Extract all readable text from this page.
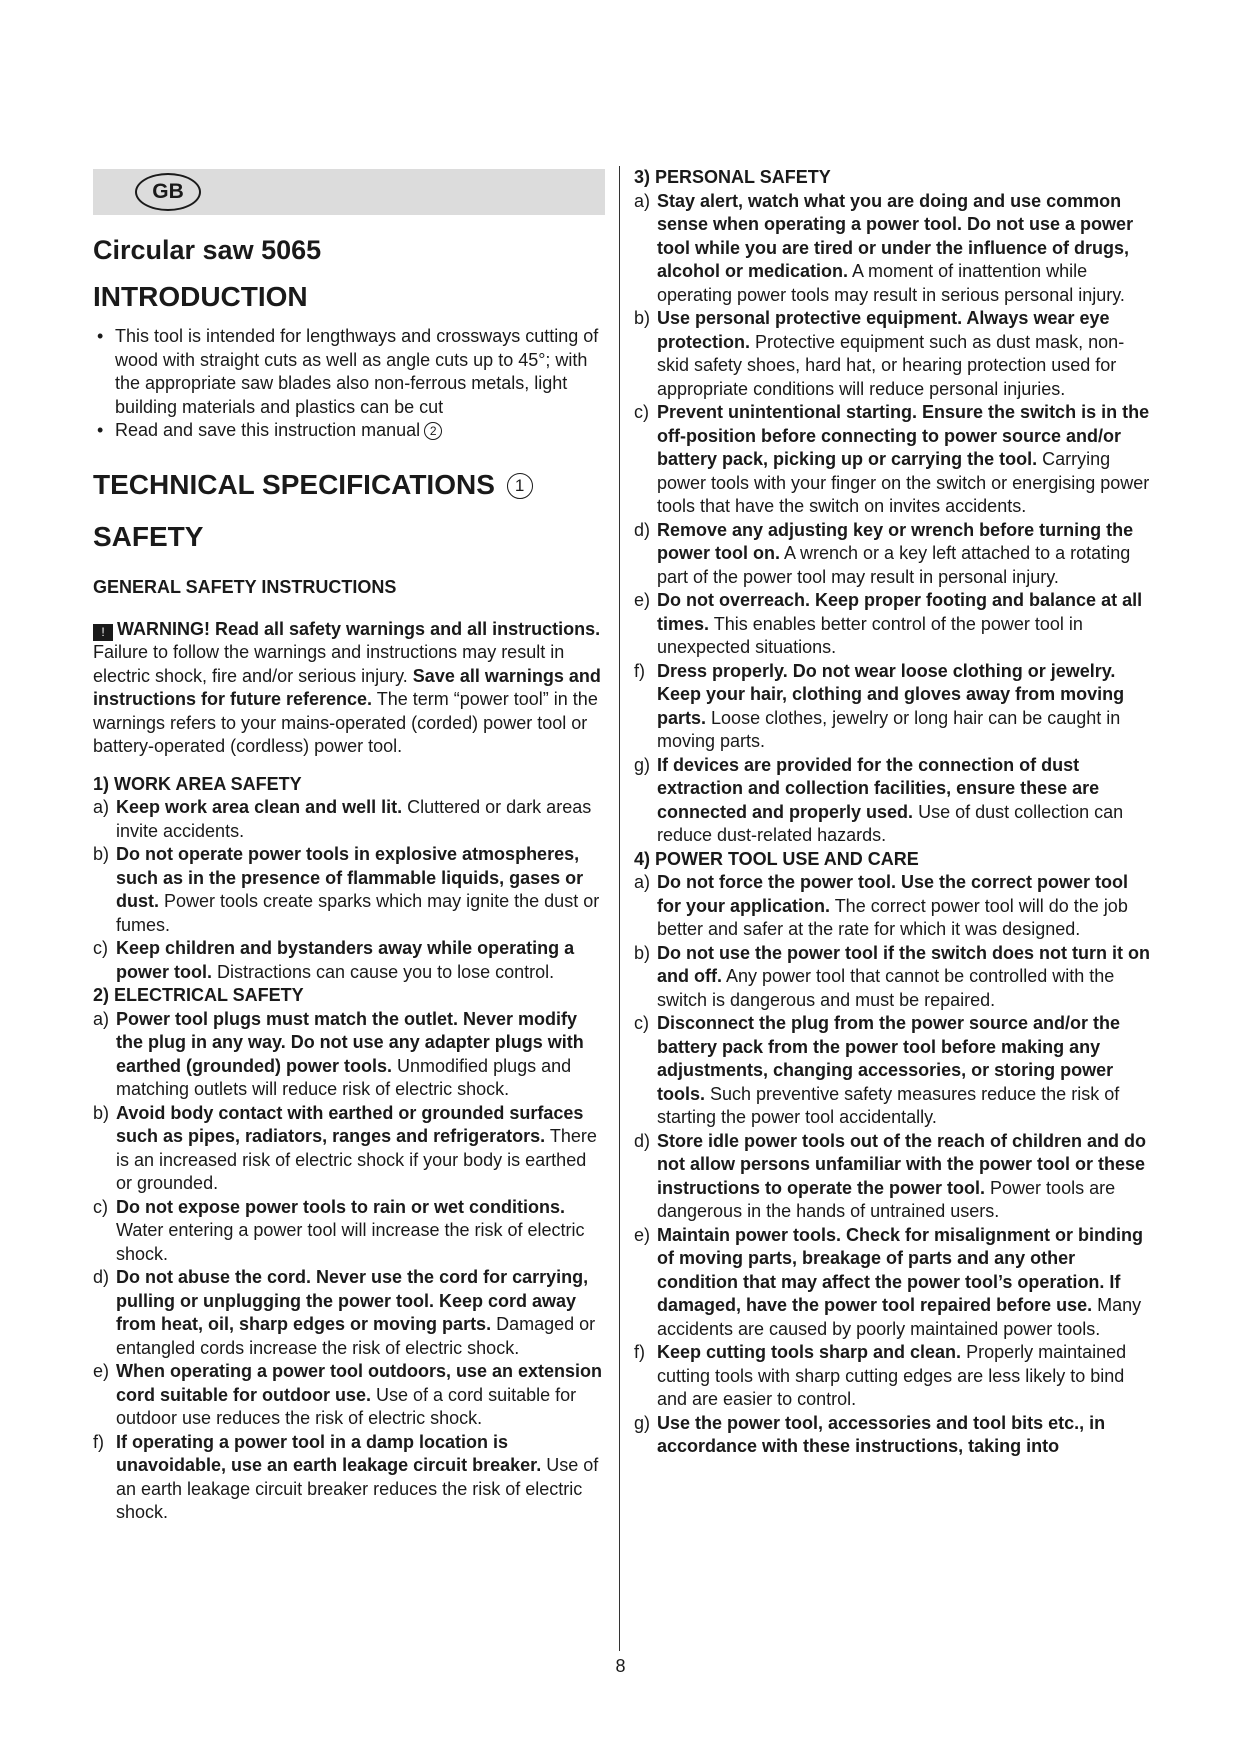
GB
Circular saw 5065
INTRODUCTION
• This tool is intended for lengthways and crossways cutting of wood with straight cuts as well as angle cuts up to 45°; with the appropriate saw blades also non-ferrous metals, light building materials and plastics can be cut
• Read and save this instruction manual 2
TECHNICAL SPECIFICATIONS 1
SAFETY
GENERAL SAFETY INSTRUCTIONS
! WARNING! Read all safety warnings and all instructions. Failure to follow the warnings and instructions may result in electric shock, fire and/or serious injury. Save all warnings and instructions for future reference. The term “power tool” in the warnings refers to your mains-operated (corded) power tool or battery-operated (cordless) power tool.
1) WORK AREA SAFETY
a) Keep work area clean and well lit. Cluttered or dark areas invite accidents.
b) Do not operate power tools in explosive atmospheres, such as in the presence of flammable liquids, gases or dust. Power tools create sparks which may ignite the dust or fumes.
c) Keep children and bystanders away while operating a power tool. Distractions can cause you to lose control.
2) ELECTRICAL SAFETY
a) Power tool plugs must match the outlet. Never modify the plug in any way. Do not use any adapter plugs with earthed (grounded) power tools. Unmodified plugs and matching outlets will reduce risk of electric shock.
b) Avoid body contact with earthed or grounded surfaces such as pipes, radiators, ranges and refrigerators. There is an increased risk of electric shock if your body is earthed or grounded.
c) Do not expose power tools to rain or wet conditions. Water entering a power tool will increase the risk of electric shock.
d) Do not abuse the cord. Never use the cord for carrying, pulling or unplugging the power tool. Keep cord away from heat, oil, sharp edges or moving parts. Damaged or entangled cords increase the risk of electric shock.
e) When operating a power tool outdoors, use an extension cord suitable for outdoor use. Use of a cord suitable for outdoor use reduces the risk of electric shock.
f) If operating a power tool in a damp location is unavoidable, use an earth leakage circuit breaker. Use of an earth leakage circuit breaker reduces the risk of electric shock.
3) PERSONAL SAFETY
a) Stay alert, watch what you are doing and use common sense when operating a power tool. Do not use a power tool while you are tired or under the influence of drugs, alcohol or medication. A moment of inattention while operating power tools may result in serious personal injury.
b) Use personal protective equipment. Always wear eye protection. Protective equipment such as dust mask, non-skid safety shoes, hard hat, or hearing protection used for appropriate conditions will reduce personal injuries.
c) Prevent unintentional starting. Ensure the switch is in the off-position before connecting to power source and/or battery pack, picking up or carrying the tool. Carrying power tools with your finger on the switch or energising power tools that have the switch on invites accidents.
d) Remove any adjusting key or wrench before turning the power tool on. A wrench or a key left attached to a rotating part of the power tool may result in personal injury.
e) Do not overreach. Keep proper footing and balance at all times. This enables better control of the power tool in unexpected situations.
f) Dress properly. Do not wear loose clothing or jewelry. Keep your hair, clothing and gloves away from moving parts. Loose clothes, jewelry or long hair can be caught in moving parts.
g) If devices are provided for the connection of dust extraction and collection facilities, ensure these are connected and properly used. Use of dust collection can reduce dust-related hazards.
4) POWER TOOL USE AND CARE
a) Do not force the power tool. Use the correct power tool for your application. The correct power tool will do the job better and safer at the rate for which it was designed.
b) Do not use the power tool if the switch does not turn it on and off. Any power tool that cannot be controlled with the switch is dangerous and must be repaired.
c) Disconnect the plug from the power source and/or the battery pack from the power tool before making any adjustments, changing accessories, or storing power tools. Such preventive safety measures reduce the risk of starting the power tool accidentally.
d) Store idle power tools out of the reach of children and do not allow persons unfamiliar with the power tool or these instructions to operate the power tool. Power tools are dangerous in the hands of untrained users.
e) Maintain power tools. Check for misalignment or binding of moving parts, breakage of parts and any other condition that may affect the power tool’s operation. If damaged, have the power tool repaired before use. Many accidents are caused by poorly maintained power tools.
f) Keep cutting tools sharp and clean. Properly maintained cutting tools with sharp cutting edges are less likely to bind and are easier to control.
g) Use the power tool, accessories and tool bits etc., in accordance with these instructions, taking into
8
